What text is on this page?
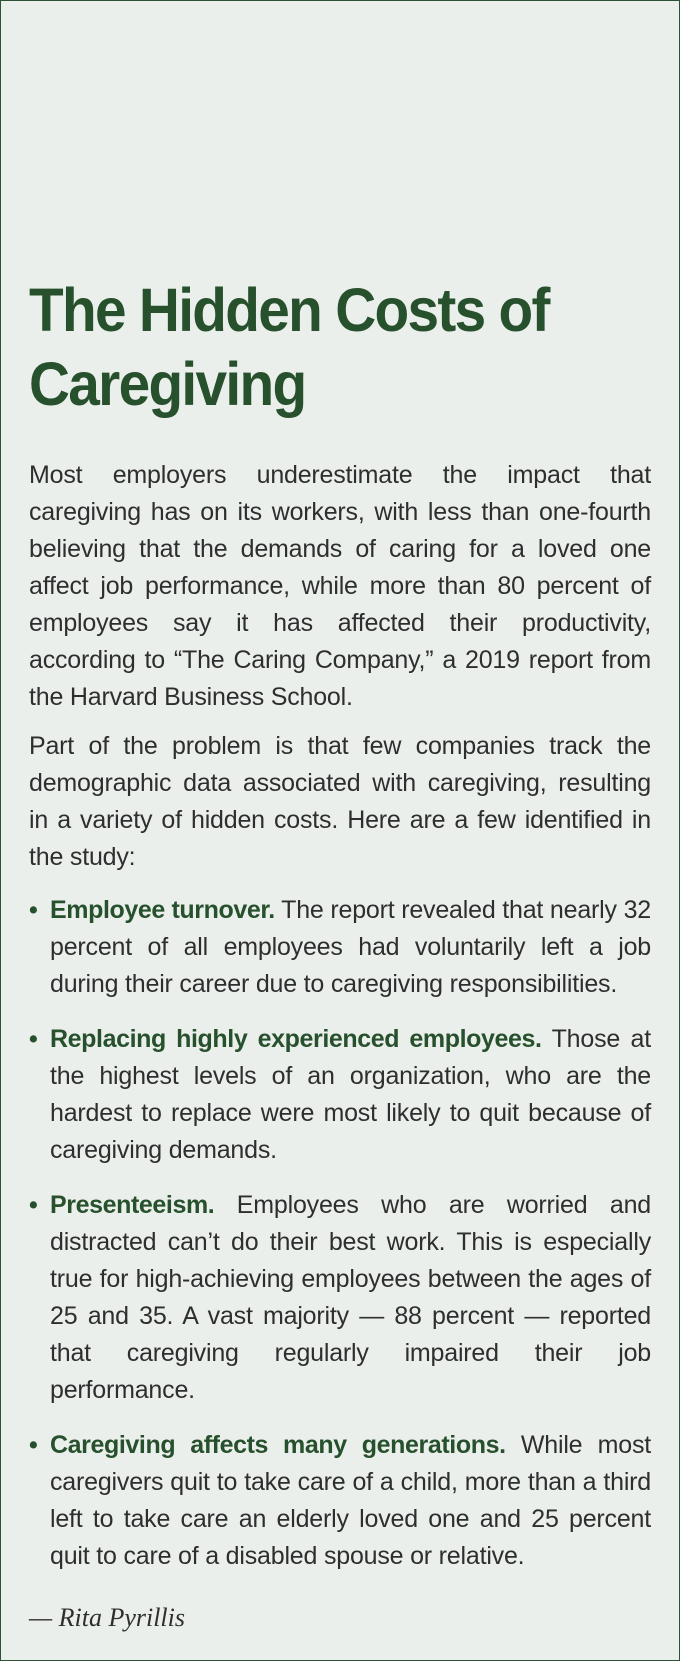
The Hidden Costs of Caregiving

Most employers underestimate the impact that caregiving has on its workers, with less than one-fourth believing that the demands of caring for a loved one affect job performance, while more than 80 percent of employees say it has affected their productivity, according to “The Caring Company,” a 2019 report from the Harvard Business School.

Part of the problem is that few companies track the demographic data associated with caregiving, resulting in a variety of hidden costs. Here are a few identified in the study:

• Employee turnover. The report revealed that nearly 32 percent of all employees had voluntarily left a job during their career due to caregiving responsibilities.
• Replacing highly experienced employees. Those at the highest levels of an organization, who are the hardest to replace were most likely to quit because of caregiving demands.
• Presenteeism. Employees who are worried and distracted can’t do their best work. This is especially true for high-achieving employees between the ages of 25 and 35. A vast majority — 88 percent — reported that caregiving regularly impaired their job performance.
• Caregiving affects many generations. While most caregivers quit to take care of a child, more than a third left to take care an elderly loved one and 25 percent quit to care of a disabled spouse or relative.
— Rita Pyrillis
